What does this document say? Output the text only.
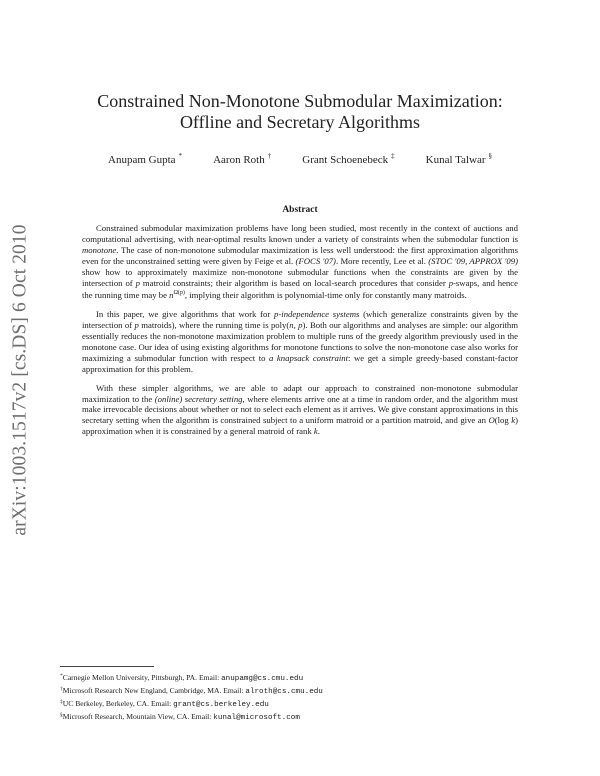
arXiv:1003.1517v2 [cs.DS] 6 Oct 2010
Constrained Non-Monotone Submodular Maximization:
Offline and Secretary Algorithms
Anupam Gupta *	Aaron Roth †	Grant Schoenebeck ‡	Kunal Talwar §
Abstract

Constrained submodular maximization problems have long been studied, most recently in the context of auctions and computational advertising, with near-optimal results known under a variety of constraints when the submodular function is monotone. The case of non-monotone submodular maximization is less well understood: the first approximation algorithms even for the unconstrained setting were given by Feige et al. (FOCS '07). More recently, Lee et al. (STOC '09, APPROX '09) show how to approximately maximize non-monotone submodular functions when the constraints are given by the intersection of p matroid constraints; their algorithm is based on local-search procedures that consider p-swaps, and hence the running time may be $n^{\Omega(p)}$, implying their algorithm is polynomial-time only for constantly many matroids.

In this paper, we give algorithms that work for p-independence systems (which generalize constraints given by the intersection of p matroids), where the running time is poly(n, p). Both our algorithms and analyses are simple: our algorithm essentially reduces the non-monotone maximization problem to multiple runs of the greedy algorithm previously used in the monotone case. Our idea of using existing algorithms for monotone functions to solve the non-monotone case also works for maximizing a submodular function with respect to a knapsack constraint: we get a simple greedy-based constant-factor approximation for this problem.

With these simpler algorithms, we are able to adapt our approach to constrained non-monotone submodular maximization to the (online) secretary setting, where elements arrive one at a time in random order, and the algorithm must make irrevocable decisions about whether or not to select each element as it arrives. We give constant approximations in this secretary setting when the algorithm is constrained subject to a uniform matroid or a partition matroid, and give an O(log k) approximation when it is constrained by a general matroid of rank k.

*Carnegie Mellon University, Pittsburgh, PA. Email: anupamg@cs.cmu.edu
†Microsoft Research New England, Cambridge, MA. Email: alroth@cs.cmu.edu
‡UC Berkeley, Berkeley, CA. Email: grant@cs.berkeley.edu
§Microsoft Research, Mountain View, CA. Email: kunal@microsoft.com
